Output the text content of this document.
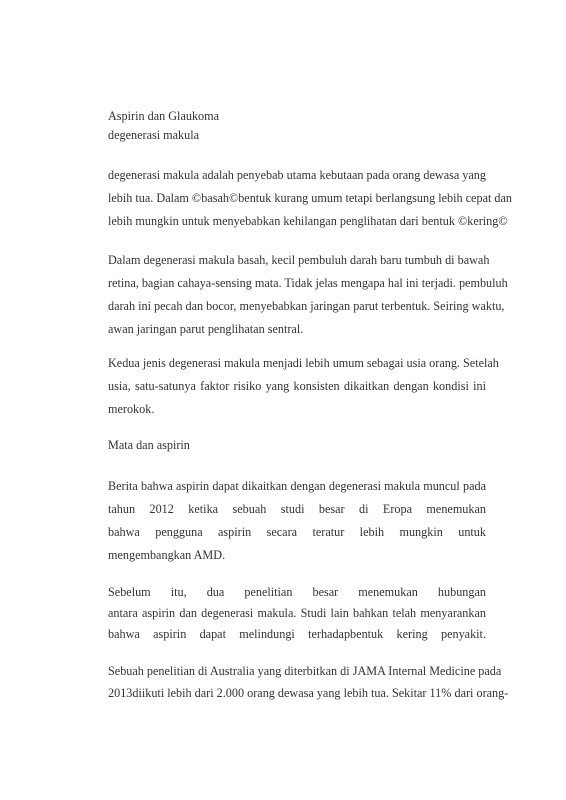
Aspirin dan Glaukoma
degenerasi makula
degenerasi makula adalah penyebab utama kebutaan pada orang dewasa yang
lebih tua. Dalam ©basah©bentuk kurang umum tetapi berlangsung lebih cepat dan
lebih mungkin untuk menyebabkan kehilangan penglihatan dari bentuk ©kering©
Dalam degenerasi makula basah, kecil pembuluh darah baru tumbuh di bawah
retina, bagian cahaya-sensing mata. Tidak jelas mengapa hal ini terjadi. pembuluh
darah ini pecah dan bocor, menyebabkan jaringan parut terbentuk. Seiring waktu,
awan jaringan parut penglihatan sentral.
Kedua jenis degenerasi makula menjadi lebih umum sebagai usia orang. Setelah
usia, satu-satunya faktor risiko yang konsisten dikaitkan dengan kondisi ini
merokok.
Mata dan aspirin
Berita bahwa aspirin dapat dikaitkan dengan degenerasi makula muncul pada
tahun 2012 ketika sebuah studi besar di Eropa menemukan
bahwa pengguna aspirin secara teratur lebih mungkin untuk
mengembangkan AMD.
Sebelum itu, dua penelitian besar menemukan hubungan
antara aspirin dan degenerasi makula. Studi lain bahkan telah menyarankan
bahwa aspirin dapat melindungi terhadapbentuk kering penyakit.
Sebuah penelitian di Australia yang diterbitkan di JAMA Internal Medicine pada
2013diikuti lebih dari 2.000 orang dewasa yang lebih tua. Sekitar 11% dari orang-
